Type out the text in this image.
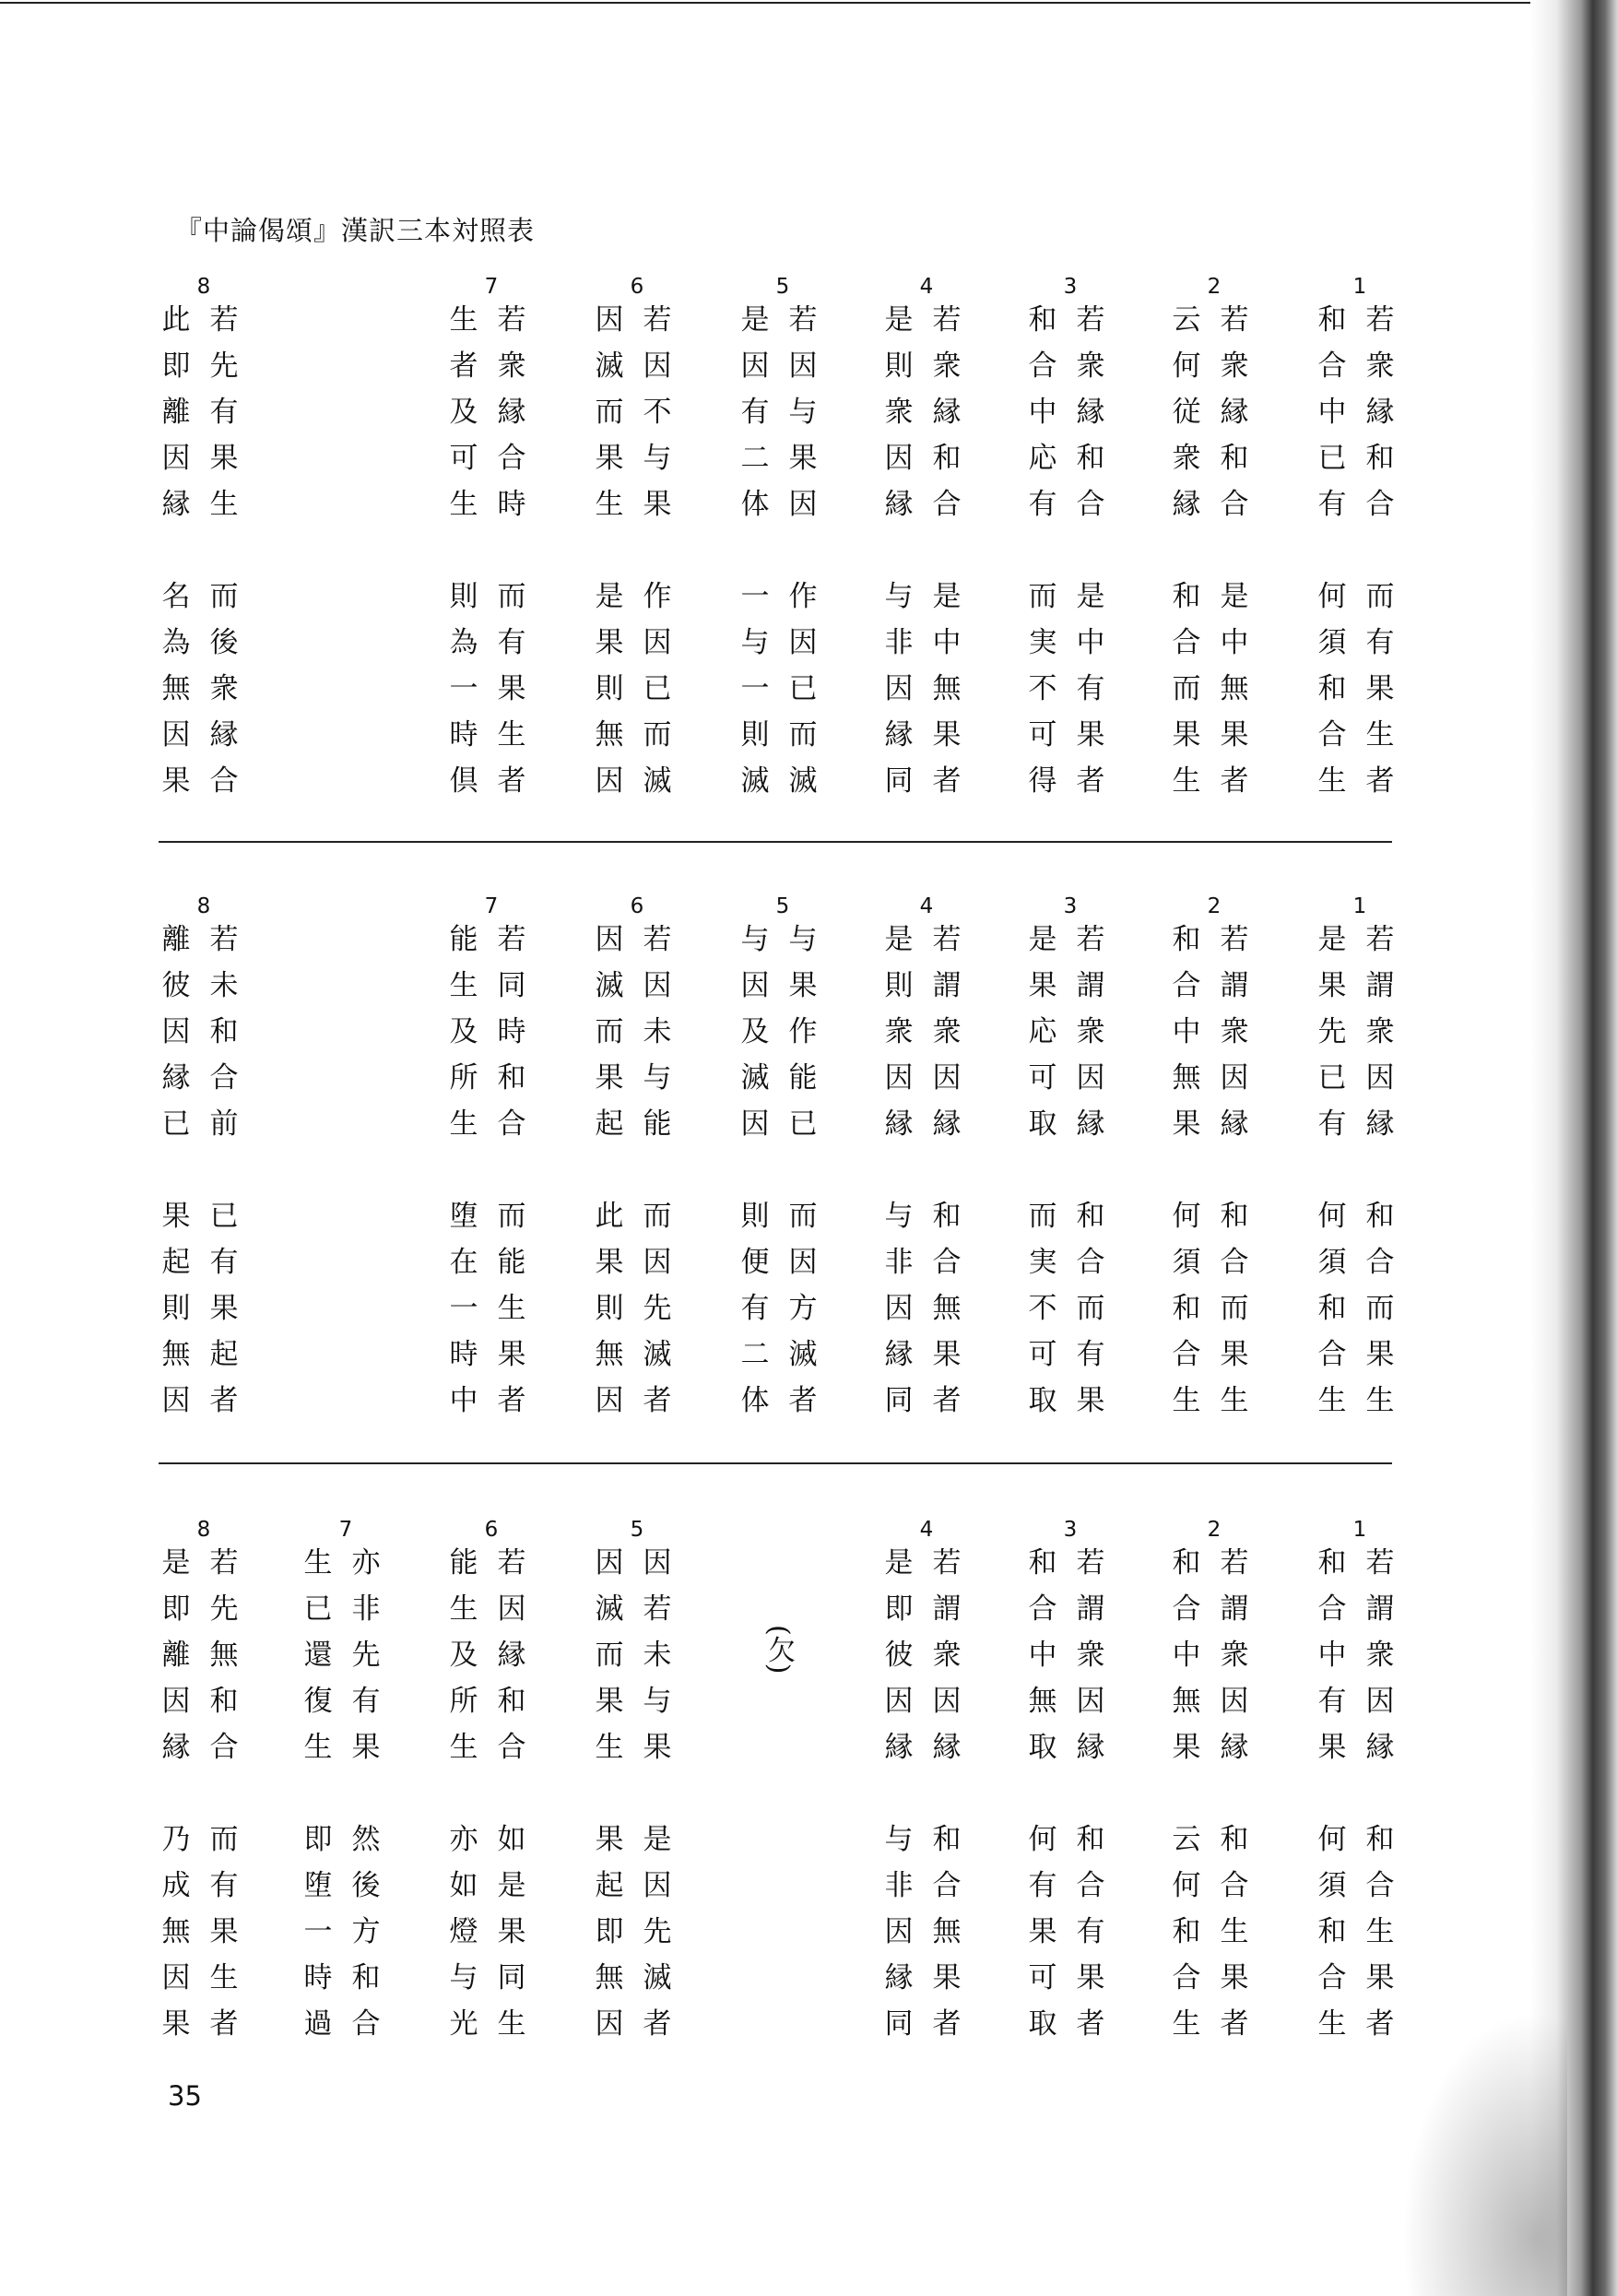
『中論偈頌』漢訳三本対照表
1
和 若
合 衆
中 縁
已 和
有 合
何 而
須 有
和 果
合 生
生 者
2
云 若
何 衆
従 縁
衆 和
縁 合
和 是
合 中
而 無
果 果
生 者
3
和 若
合 衆
中 縁
応 和
有 合
而 是
実 中
不 有
可 果
得 者
4
是 若
則 衆
衆 縁
因 和
縁 合
与 是
非 中
因 無
縁 果
同 者
5
是 若
因 因
有 与
二 果
体 因
一 作
与 因
一 已
則 而
滅 滅
6
因 若
滅 因
而 不
果 与
生 果
是 作
果 因
則 已
無 而
因 滅
7
生 若
者 衆
及 縁
可 合
生 時
則 而
為 有
一 果
時 生
倶 者
8
此 若
即 先
離 有
因 果
縁 生
名 而
為 後
無 衆
因 縁
果 合
1
是 若
果 謂
先 衆
已 因
有 縁
何 和
須 合
和 而
合 果
生 生
2
和 若
合 謂
中 衆
無 因
果 縁
何 和
須 合
和 而
合 果
生 生
3
是 若
果 謂
応 衆
可 因
取 縁
而 和
実 合
不 而
可 有
取 果
4
是 若
則 謂
衆 衆
因 因
縁 縁
与 和
非 合
因 無
縁 果
同 者
5
与 与
因 果
及 作
滅 能
因 已
則 而
便 因
有 方
二 滅
体 者
6
因 若
滅 因
而 未
果 与
起 能
此 而
果 因
則 先
無 滅
因 者
7
能 若
生 同
及 時
所 和
生 合
堕 而
在 能
一 生
時 果
中 者
8
離 若
彼 未
因 和
縁 合
已 前
果 已
起 有
則 果
無 起
因 者
1
和 若
合 謂
中 衆
有 因
果 縁
何 和
須 合
和 生
合 果
生 者
2
和 若
合 謂
中 衆
無 因
果 縁
云 和
何 合
和 生
合 果
生 者
3
和 若
合 謂
中 衆
無 因
取 縁
何 和
有 合
果 有
可 果
取 者
4
是 若
即 謂
彼 衆
因 因
縁 縁
与 和
非 合
因 無
縁 果
同 者
5
因 因
滅 若
而 未
果 与
生 果
果 是
起 因
即 先
無 滅
因 者
6
能 若
生 因
及 縁
所 和
生 合
亦 如
如 是
燈 果
与 同
光 生
7
生 亦
已 非
還 先
復 有
生 果
即 然
堕 後
一 方
時 和
過 合
8
是 若
即 先
離 無
因 和
縁 合
乃 而
成 有
無 果
因 生
果 者
35
(欠)
